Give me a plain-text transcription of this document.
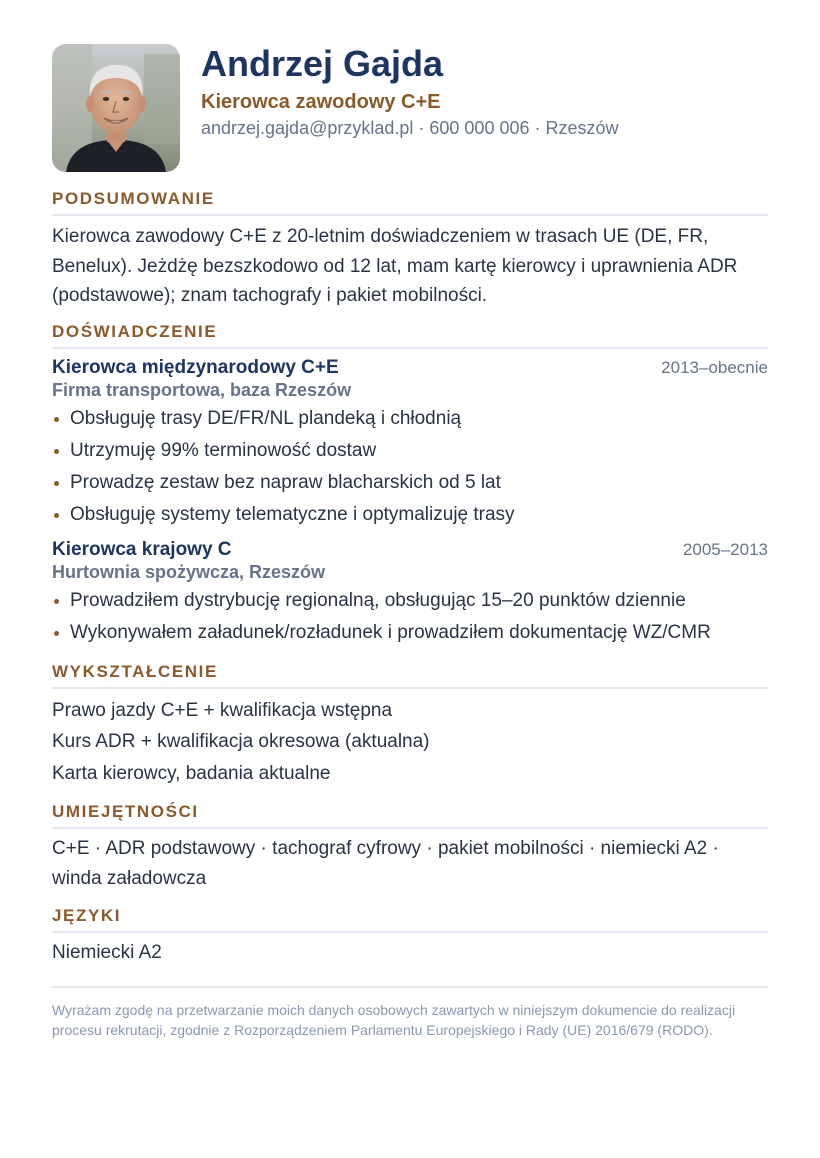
Andrzej Gajda
Kierowca zawodowy C+E
andrzej.gajda@przyklad.pl · 600 000 006 · Rzeszów
PODSUMOWANIE
Kierowca zawodowy C+E z 20-letnim doświadczeniem w trasach UE (DE, FR, Benelux). Jeżdżę bezszkodowo od 12 lat, mam kartę kierowcy i uprawnienia ADR (podstawowe); znam tachografy i pakiet mobilności.
DOŚWIADCZENIE
Kierowca międzynarodowy C+E	2013–obecnie
Firma transportowa, baza Rzeszów
Obsługuję trasy DE/FR/NL plandeką i chłodnią
Utrzymuję 99% terminowość dostaw
Prowadzę zestaw bez napraw blacharskich od 5 lat
Obsługuję systemy telematyczne i optymalizuję trasy
Kierowca krajowy C	2005–2013
Hurtownia spożywcza, Rzeszów
Prowadziłem dystrybucję regionalną, obsługując 15–20 punktów dziennie
Wykonywałem załadunek/rozładunek i prowadziłem dokumentację WZ/CMR
WYKSZTAŁCENIE
Prawo jazdy C+E + kwalifikacja wstępna
Kurs ADR + kwalifikacja okresowa (aktualna)
Karta kierowcy, badania aktualne
UMIEJĘTNOŚCI
C+E · ADR podstawowy · tachograf cyfrowy · pakiet mobilności · niemiecki A2 · winda załadowcza
JĘZYKI
Niemiecki A2
Wyrażam zgodę na przetwarzanie moich danych osobowych zawartych w niniejszym dokumencie do realizacji procesu rekrutacji, zgodnie z Rozporządzeniem Parlamentu Europejskiego i Rady (UE) 2016/679 (RODO).
